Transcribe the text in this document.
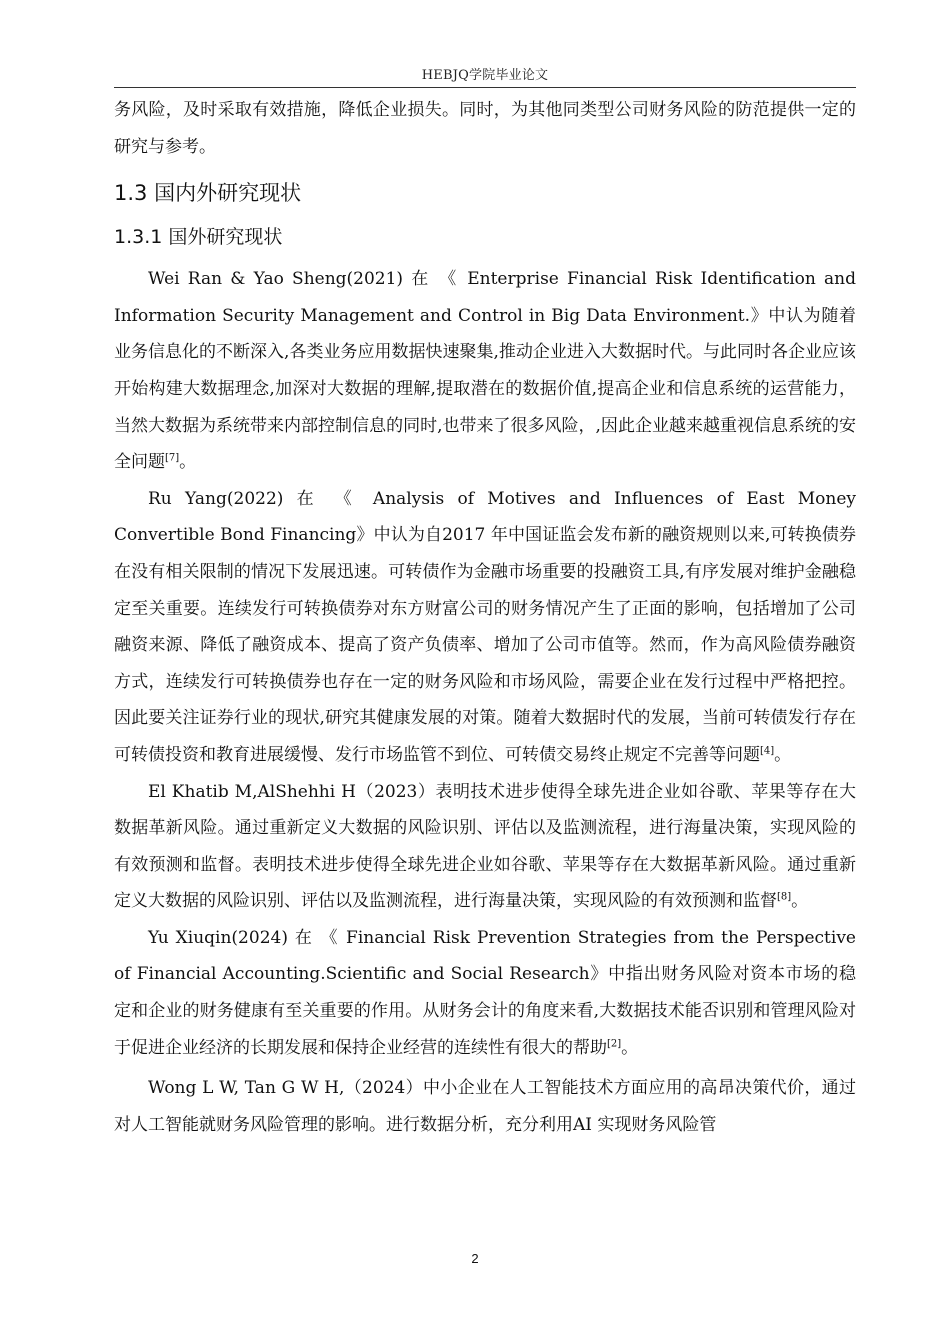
HEBJQ学院毕业论文

务风险，及时采取有效措施，降低企业损失。同时，为其他同类型公司财务风险的防范提供一定的研究与参考。

1.3 国内外研究现状
1.3.1 国外研究现状

Wei Ran & Yao Sheng(2021) 在 《 Enterprise Financial Risk Identification and Information Security Management and Control in Big Data Environment.》中认为随着业务信息化的不断深入,各类业务应用数据快速聚集,推动企业进入大数据时代。与此同时各企业应该开始构建大数据理念,加深对大数据的理解,提取潜在的数据价值,提高企业和信息系统的运营能力，当然大数据为系统带来内部控制信息的同时,也带来了很多风险，,因此企业越来越重视信息系统的安全问题[7]。

Ru Yang(2022) 在 《 Analysis of Motives and Influences of East Money Convertible Bond Financing》中认为自2017 年中国证监会发布新的融资规则以来,可转换债券在没有相关限制的情况下发展迅速。可转债作为金融市场重要的投融资工具,有序发展对维护金融稳定至关重要。连续发行可转换债券对东方财富公司的财务情况产生了正面的影响，包括增加了公司融资来源、降低了融资成本、提高了资产负债率、增加了公司市值等。然而，作为高风险债券融资方式，连续发行可转换债券也存在一定的财务风险和市场风险，需要企业在发行过程中严格把控。因此要关注证券行业的现状,研究其健康发展的对策。随着大数据时代的发展，当前可转债发行存在可转债投资和教育进展缓慢、发行市场监管不到位、可转债交易终止规定不完善等问题[4]。

El Khatib M,AlShehhi H（2023）表明技术进步使得全球先进企业如谷歌、苹果等存在大数据革新风险。通过重新定义大数据的风险识别、评估以及监测流程，进行海量决策，实现风险的有效预测和监督。表明技术进步使得全球先进企业如谷歌、苹果等存在大数据革新风险。通过重新定义大数据的风险识别、评估以及监测流程，进行海量决策，实现风险的有效预测和监督[8]。

Yu Xiuqin(2024) 在 《 Financial Risk Prevention Strategies from the Perspective of Financial Accounting.Scientific and Social Research》中指出财务风险对资本市场的稳定和企业的财务健康有至关重要的作用。从财务会计的角度来看,大数据技术能否识别和管理风险对于促进企业经济的长期发展和保持企业经营的连续性有很大的帮助[2]。

Wong L W, Tan G W H,（2024）中小企业在人工智能技术方面应用的高昂决策代价，通过对人工智能就财务风险管理的影响。进行数据分析，充分利用AI 实现财务风险管

2
